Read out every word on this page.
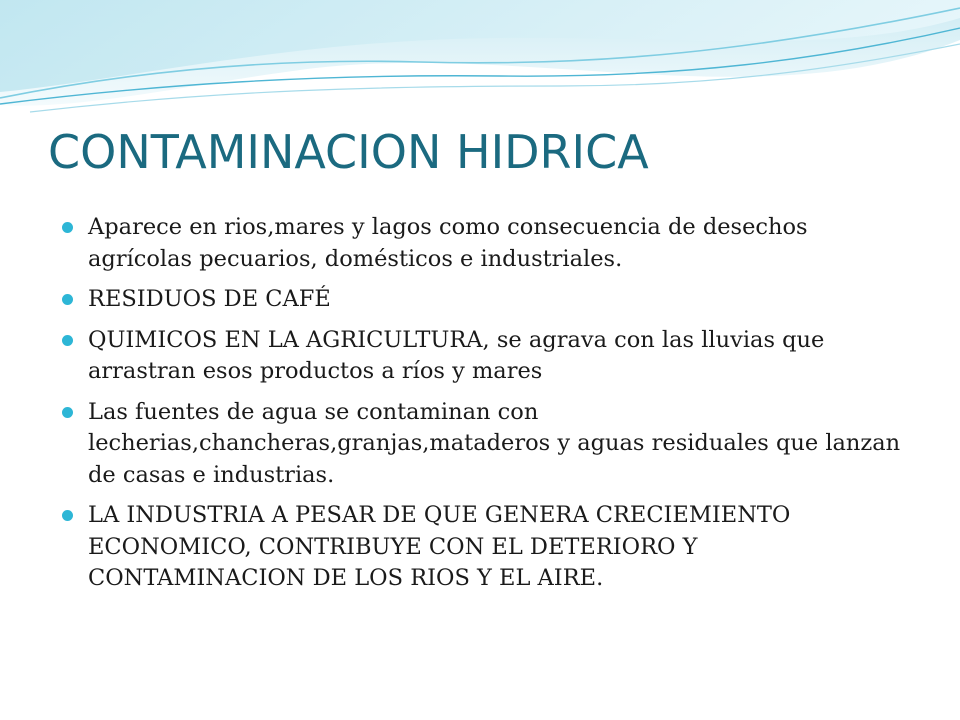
CONTAMINACION HIDRICA
Aparece en rios,mares y lagos como consecuencia de desechos agrícolas pecuarios, domésticos e industriales.
RESIDUOS DE CAFÉ
QUIMICOS EN LA AGRICULTURA, se agrava con las lluvias que arrastran esos productos a ríos y mares
Las fuentes de agua se contaminan con lecherias,chancheras,granjas,mataderos y aguas residuales que lanzan de casas e industrias.
LA INDUSTRIA A PESAR DE QUE GENERA CRECIEMIENTO ECONOMICO, CONTRIBUYE CON EL DETERIORO Y CONTAMINACION DE LOS RIOS Y EL AIRE.
